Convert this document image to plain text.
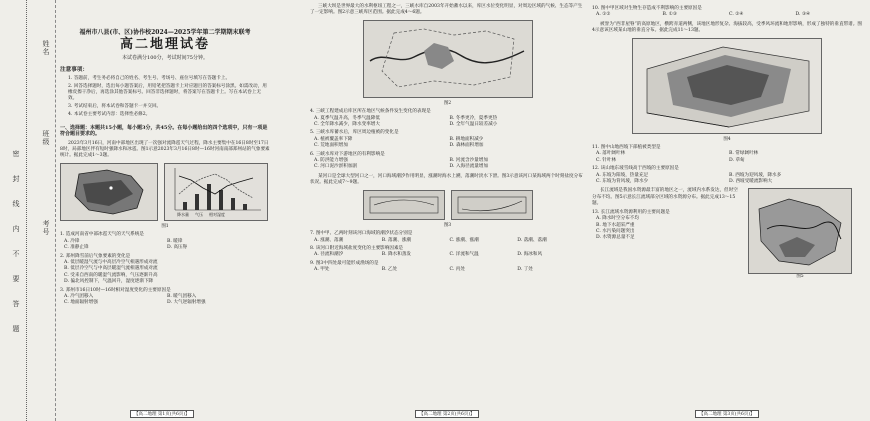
姓名
班级
考号
密
封
线
内
不
要
答
题
福州市八县(市、区)协作校2024—2025学年第二学期期末联考
高二地理试卷
本试卷满分100分，考试时间75分钟。
注意事项：

1. 答题前，考生务必将自己的姓名、考生号、考场号、座位号填写在答题卡上。

2. 回答选择题时，选出每小题答案后，用铅笔把答题卡上对应题目的答案标号涂黑。如需改动，用橡皮擦干净后，再选涂其他答案标号。回答非选择题时，将答案写在答题卡上。写在本试卷上无效。

3. 考试结束后，将本试卷和答题卡一并交回。

4. 本试卷主要考试内容：选择性必修2。

一、选择题：本题共15小题，每小题3分，共45分。在每小题给出的四个选项中，只有一项是符合题目要求的。
2023年3月16日，河南中部地区出现了一次强对流降雹天气过程，降水主要集中在16日8时至17日8时，局部地区伴有短时强降水和冰雹。图1示意2023年3月16日8时—16时河南南部郑州站的气象要素统计。据此完成1～3题。
降水量 气压 相对湿度
图1
1. 造成河南省中部冰雹天气的天气系统是
A. 冷锋	B. 暖锋
C. 准静止锋	D. 高压脊
2. 郑州降雪前后气象要素的变化是
A. 低层暖湿气流与中高层冷空气相遇形成对流
B. 低层冷空气与中高层暖湿气流相遇形成对流
C. 受来自西南的暖湿气流影响，气压逐渐升高
D. 偏北风控制下，气温回升，湿度逐渐下降
3. 郑州市16日10时—16时相对湿度变化的主要原因是
A. 冷气团移入	B. 暖气团移入
C. 地面辐射增强	D. 大气逆辐射增强
三峡大坝是世界最大的水利枢纽工程之一，三峡水库自2003年开始蓄水以来，库区水位变化明显，对周边区域的气候、生态等产生了一定影响。图2示意三峡库区范围。据此完成4～6题。
图2
4. 三峡工程建成后库区所在地区气候条件发生变化的表现是
A. 夏季气温升高，冬季气温降低	B. 冬季更冷，夏季更热
C. 全年降水减少，降水变率增大	D. 全年气温日较差减小
5. 三峡水库蓄水后，库区周边植被的变化是
A. 植被覆盖率下降	B. 耕地面积减少
C. 荒地面积增加	D. 森林面积增加
6. 三峡水库对下游地区的有利影响是
A. 防洪能力增强	B. 河流含沙量增加
C. 河口泥沙淤积加剧	D. 入海径流量增加
某河口是全球大型河口之一，河口海域潮汐作用明显，涨潮时海水上溯，落潮时淡水下泄。图3示意该河口某海域两个时刻盐度分布状况。据此完成7～9题。
图3
7. 图中甲、乙两时刻该河口海域的潮汐状态分别是
A. 涨潮、落潮	B. 落潮、涨潮	C. 涨潮、涨潮	D. 落潮、落潮
8. 该河口附近海域盐度变化的主要影响因素是
A. 径流和潮汐	B. 降水和蒸发	C. 洋流和气温	D. 海冰和风
9. 图3中四处最可能形成渔场的是
A. 甲处	B. 乙处	C. 丙处	D. 丁处
10. 图中甲区域对生物生存造成不利影响的主要原因是
A. ①②	B. ①③	C. ②④	D. ③④
被誉为“西非屋脊”的高原地区，横跨赤道两侧，该地区地形复杂、海拔较高，受季风环流和地形影响，形成了独特的垂直带谱。图4示意该区域某山地的垂直分布。据此完成11～13题。
图4
11. 图中山地西坡下部植被类型是
A. 落叶阔叶林	B. 常绿阔叶林
C. 针叶林	D. 草甸
12. 该山地东坡雪线高于西坡的主要原因是
A. 东坡为阳坡，热量充足	B. 西坡为迎风坡，降水多
C. 东坡为背风坡，降水少	D. 西坡受暖流影响大
长江流域是我国水资源最丰富的地区之一，流域内水系发达，但时空分布不均。图5示意长江流域部分区域的水资源分布。据此完成13～15题。
13. 长江流域水资源利用的主要问题是
A. 降水时空分布不均
B. 地下水超采严重
C. 水污染问题突出
D. 水资源总量不足
图5
【高二地理 第1页(共6页)】	【高二地理 第2页(共6页)】	【高二地理 第3页(共6页)】
